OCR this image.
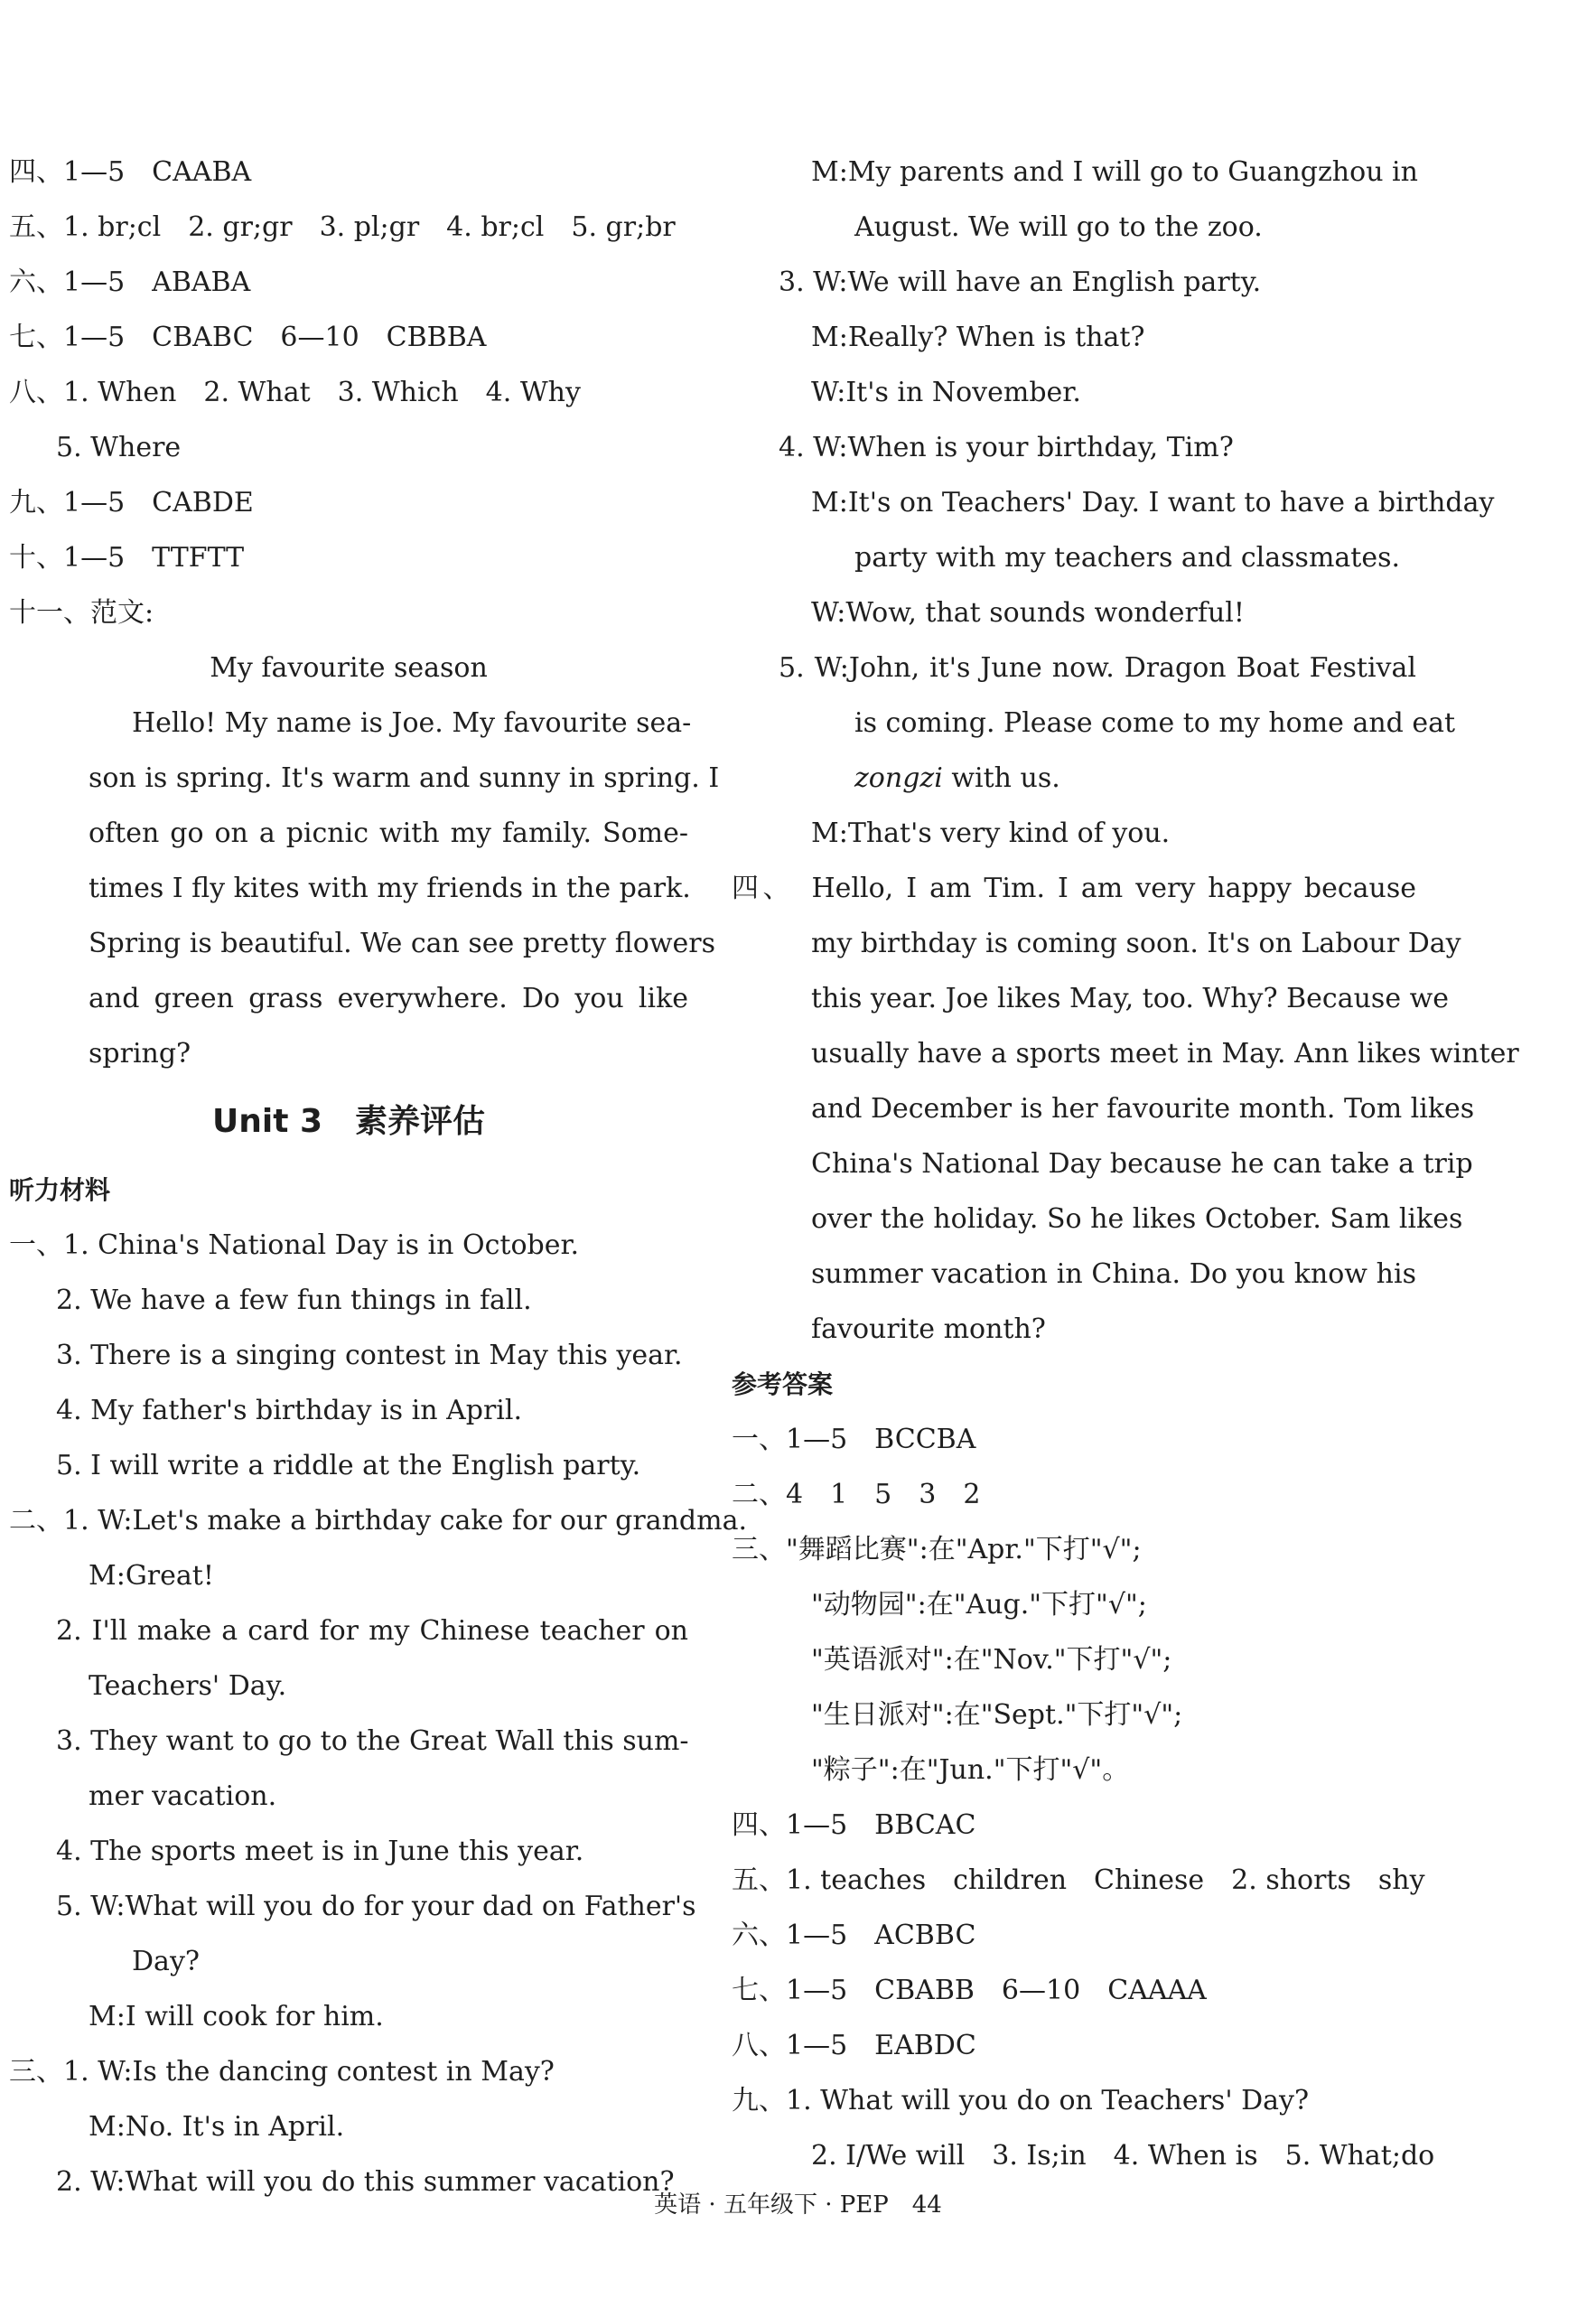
四、1—5　CAABA
五、1. br;cl　2. gr;gr　3. pl;gr　4. br;cl　5. gr;br
六、1—5　ABABA
七、1—5　CBABC　6—10　CBBBA
八、1. When　2. What　3. Which　4. Why
5. Where
九、1—5　CABDE
十、1—5　TTFTT
十一、范文:
My favourite season
Hello! My name is Joe. My favourite sea-
son is spring. It's warm and sunny in spring. I
often go on a picnic with my family. Some-
times I fly kites with my friends in the park.
Spring is beautiful. We can see pretty flowers
and green grass everywhere. Do you like
spring?
Unit 3　素养评估
听力材料
一、1. China's National Day is in October.
2. We have a few fun things in fall.
3. There is a singing contest in May this year.
4. My father's birthday is in April.
5. I will write a riddle at the English party.
二、1. W:Let's make a birthday cake for our grandma.
M:Great!
2. I'll make a card for my Chinese teacher on
Teachers' Day.
3. They want to go to the Great Wall this sum-
mer vacation.
4. The sports meet is in June this year.
5. W:What will you do for your dad on Father's
Day?
M:I will cook for him.
三、1. W:Is the dancing contest in May?
M:No. It's in April.
2. W:What will you do this summer vacation?
M:My parents and I will go to Guangzhou in
August. We will go to the zoo.
3. W:We will have an English party.
M:Really? When is that?
W:It's in November.
4. W:When is your birthday, Tim?
M:It's on Teachers' Day. I want to have a birthday
party with my teachers and classmates.
W:Wow, that sounds wonderful!
5. W:John, it's June now. Dragon Boat Festival
is coming. Please come to my home and eat
zongzi with us.
M:That's very kind of you.
四、　Hello, I am Tim. I am very happy because
my birthday is coming soon. It's on Labour Day
this year. Joe likes May, too. Why? Because we
usually have a sports meet in May. Ann likes winter
and December is her favourite month. Tom likes
China's National Day because he can take a trip
over the holiday. So he likes October. Sam likes
summer vacation in China. Do you know his
favourite month?
参考答案
一、1—5　BCCBA
二、4　1　5　3　2
三、"舞蹈比赛":在"Apr."下打"√";
"动物园":在"Aug."下打"√";
"英语派对":在"Nov."下打"√";
"生日派对":在"Sept."下打"√";
"粽子":在"Jun."下打"√"。
四、1—5　BBCAC
五、1. teaches　children　Chinese　2. shorts　shy
六、1—5　ACBBC
七、1—5　CBABB　6—10　CAAAA
八、1—5　EABDC
九、1. What will you do on Teachers' Day?
2. I/We will　3. Is;in　4. When is　5. What;do
英语 · 五年级下 · PEP　44
